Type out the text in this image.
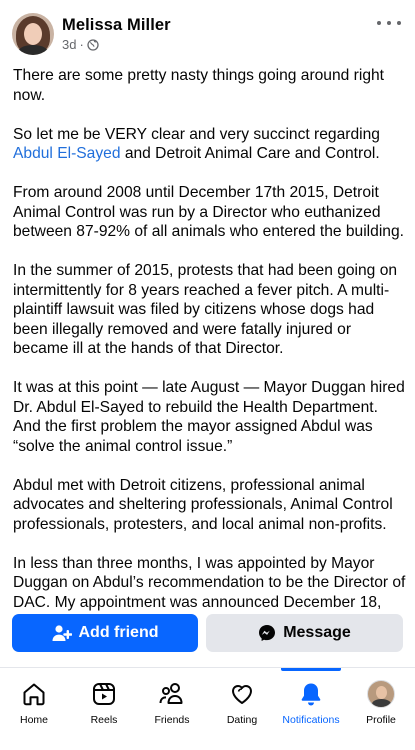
Melissa Miller
3d ·

There are some pretty nasty things going around right now.

So let me be VERY clear and very succinct regarding Abdul El-Sayed and Detroit Animal Care and Control.

From around 2008 until December 17th 2015, Detroit Animal Control was run by a Director who euthanized between 87-92% of all animals who entered the building.

In the summer of 2015, protests that had been going on intermittently for 8 years reached a fever pitch. A multi-plaintiff lawsuit was filed by citizens whose dogs had been illegally removed and were fatally injured or became ill at the hands of that Director.

It was at this point — late August — Mayor Duggan hired Dr. Abdul El-Sayed to rebuild the Health Department. And the first problem the mayor assigned Abdul was “solve the animal control issue.”

Abdul met with Detroit citizens, professional animal advocates and sheltering professionals, Animal Control professionals, protesters, and local animal non-profits.

In less than three months, I was appointed by Mayor Duggan on Abdul’s recommendation to be the Director of DAC. My appointment was announced December 18,

Add friend	Message
Home	Reels	Friends	Dating Notifications	Profile
